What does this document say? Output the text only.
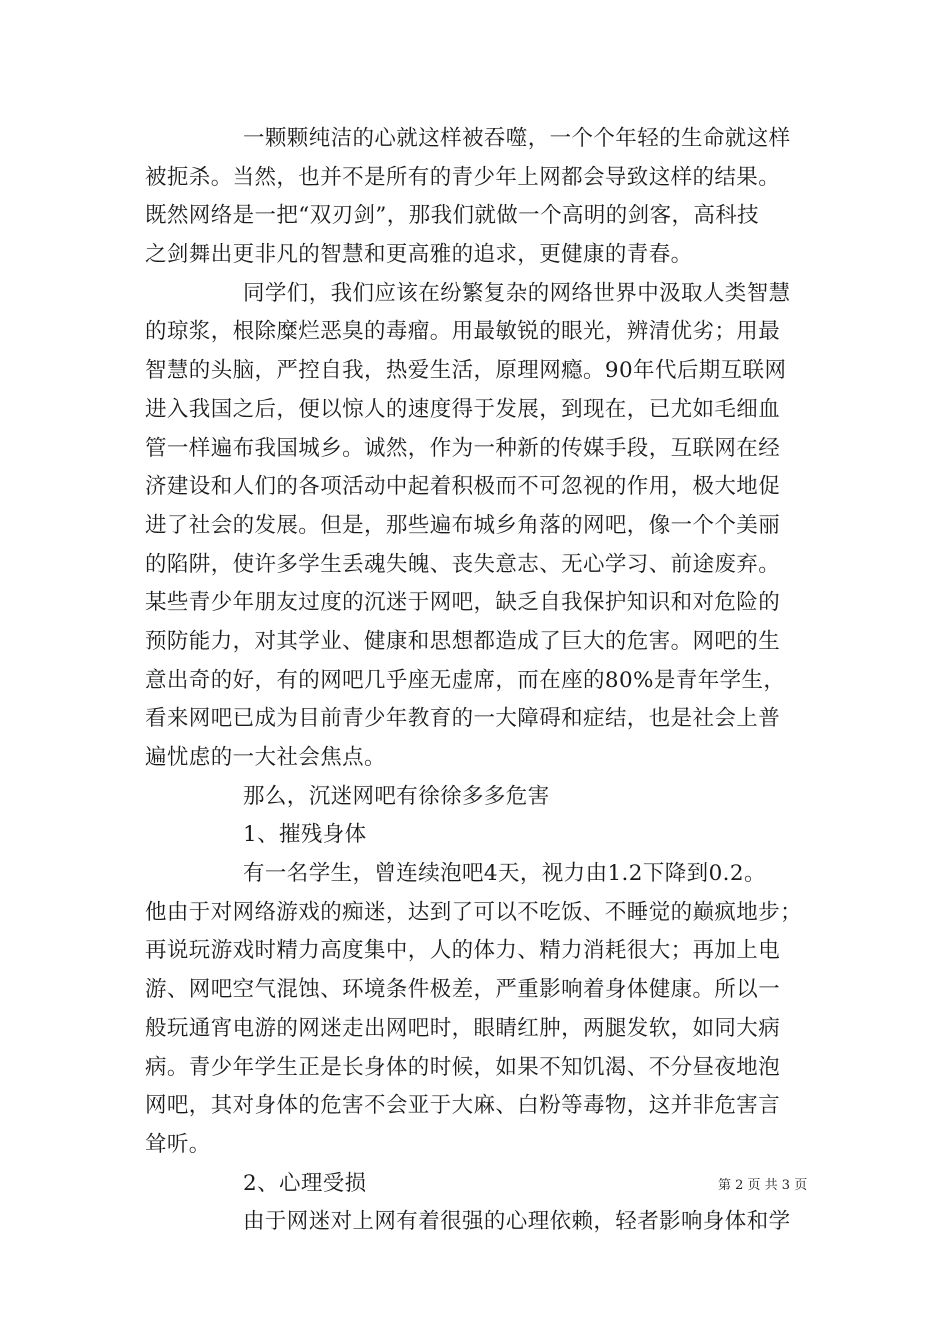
一颗颗纯洁的心就这样被吞噬，一个个年轻的生命就这样
被扼杀。当然，也并不是所有的青少年上网都会导致这样的结果。
既然网络是一把“双刃剑”，那我们就做一个高明的剑客，高科技
之剑舞出更非凡的智慧和更高雅的追求，更健康的青春。
同学们，我们应该在纷繁复杂的网络世界中汲取人类智慧
的琼浆，根除糜烂恶臭的毒瘤。用最敏锐的眼光，辨清优劣；用最
智慧的头脑，严控自我，热爱生活，原理网瘾。90年代后期互联网
进入我国之后，便以惊人的速度得于发展，到现在，已尤如毛细血
管一样遍布我国城乡。诚然，作为一种新的传媒手段，互联网在经
济建设和人们的各项活动中起着积极而不可忽视的作用，极大地促
进了社会的发展。但是，那些遍布城乡角落的网吧，像一个个美丽
的陷阱，使许多学生丢魂失魄、丧失意志、无心学习、前途废弃。
某些青少年朋友过度的沉迷于网吧，缺乏自我保护知识和对危险的
预防能力，对其学业、健康和思想都造成了巨大的危害。网吧的生
意出奇的好，有的网吧几乎座无虚席，而在座的80%是青年学生，
看来网吧已成为目前青少年教育的一大障碍和症结，也是社会上普
遍忧虑的一大社会焦点。
那么，沉迷网吧有徐徐多多危害
1、摧残身体
有一名学生，曾连续泡吧4天，视力由1.2下降到0.2。
他由于对网络游戏的痴迷，达到了可以不吃饭、不睡觉的巅疯地步；
再说玩游戏时精力高度集中，人的体力、精力消耗很大；再加上电
游、网吧空气混蚀、环境条件极差，严重影响着身体健康。所以一
般玩通宵电游的网迷走出网吧时，眼睛红肿，两腿发软，如同大病
病。青少年学生正是长身体的时候，如果不知饥渴、不分昼夜地泡
网吧，其对身体的危害不会亚于大麻、白粉等毒物，这并非危害言
耸听。
2、心理受损
由于网迷对上网有着很强的心理依赖，轻者影响身体和学
第 2 页 共 3 页
